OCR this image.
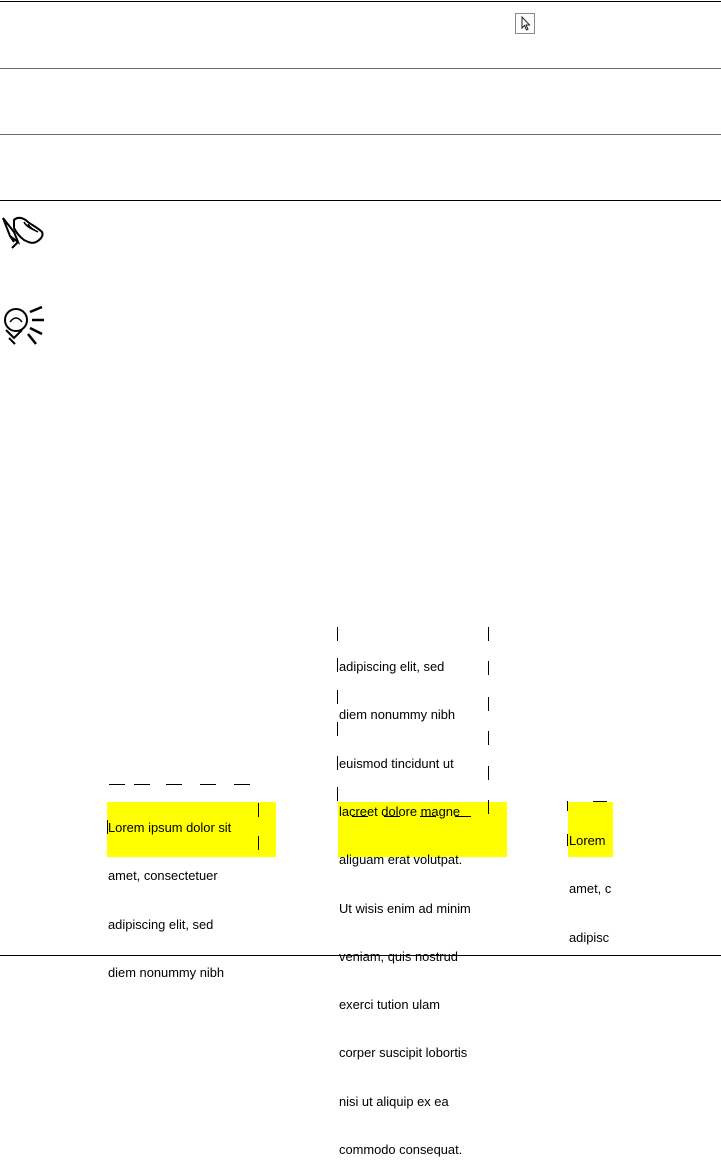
Lorem ipsum dolor sit

amet, consectetuer

adipiscing elit, sed

diem nonummy nibh

adipiscing elit, sed

diem nonummy nibh

euismod tincidunt ut

lacreet dolore magne

aliguam erat volutpat.

Ut wisis enim ad minim

veniam, quis nostrud

exerci tution ulam

corper suscipit lobortis

nisi ut aliquip ex ea

commodo consequat.

Lorem

amet, c

adipisc
